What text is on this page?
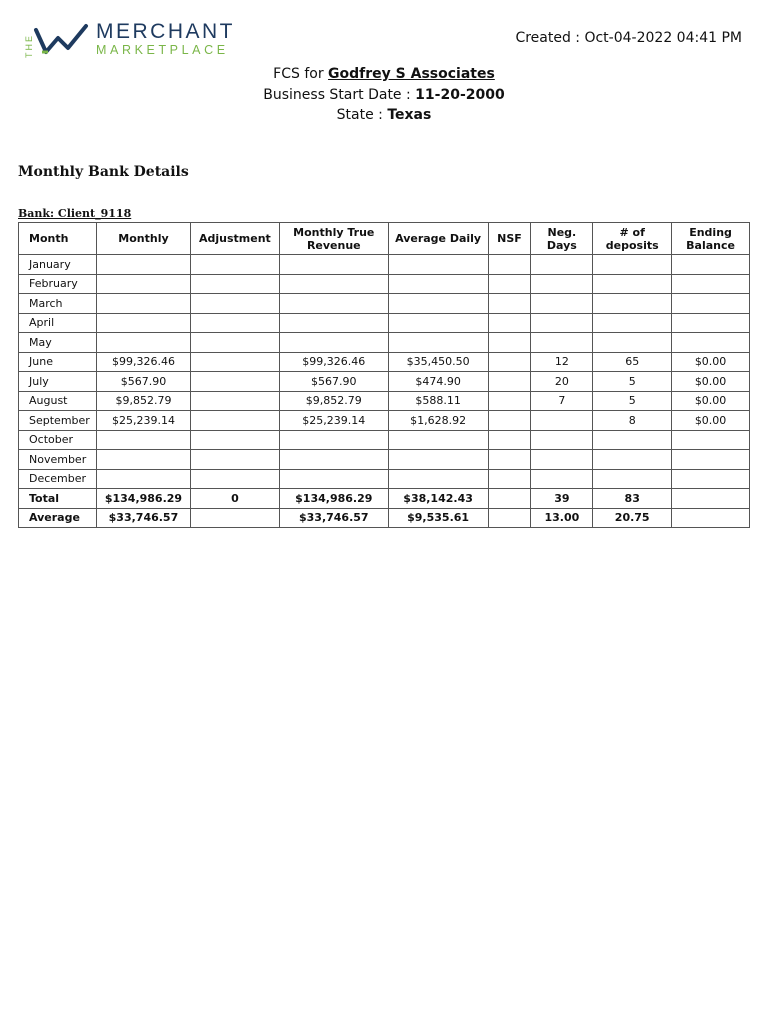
THE
MERCHANT
MARKETPLACE
Created : Oct-04-2022 04:41 PM
FCS for Godfrey S Associates
Business Start Date : 11-20-2000
State : Texas
Monthly Bank Details
Bank: Client_9118
Month	Monthly	Adjustment	Monthly True Revenue	Average Daily	NSF	Neg. Days	# of deposits	Ending Balance
January								
February								
March								
April								
May								
June	$99,326.46		$99,326.46	$35,450.50		12	65	$0.00
July	$567.90		$567.90	$474.90		20	5	$0.00
August	$9,852.79		$9,852.79	$588.11		7	5	$0.00
September	$25,239.14		$25,239.14	$1,628.92			8	$0.00
October								
November								
December								
Total	$134,986.29	0	$134,986.29	$38,142.43		39	83	
Average	$33,746.57		$33,746.57	$9,535.61		13.00	20.75	
